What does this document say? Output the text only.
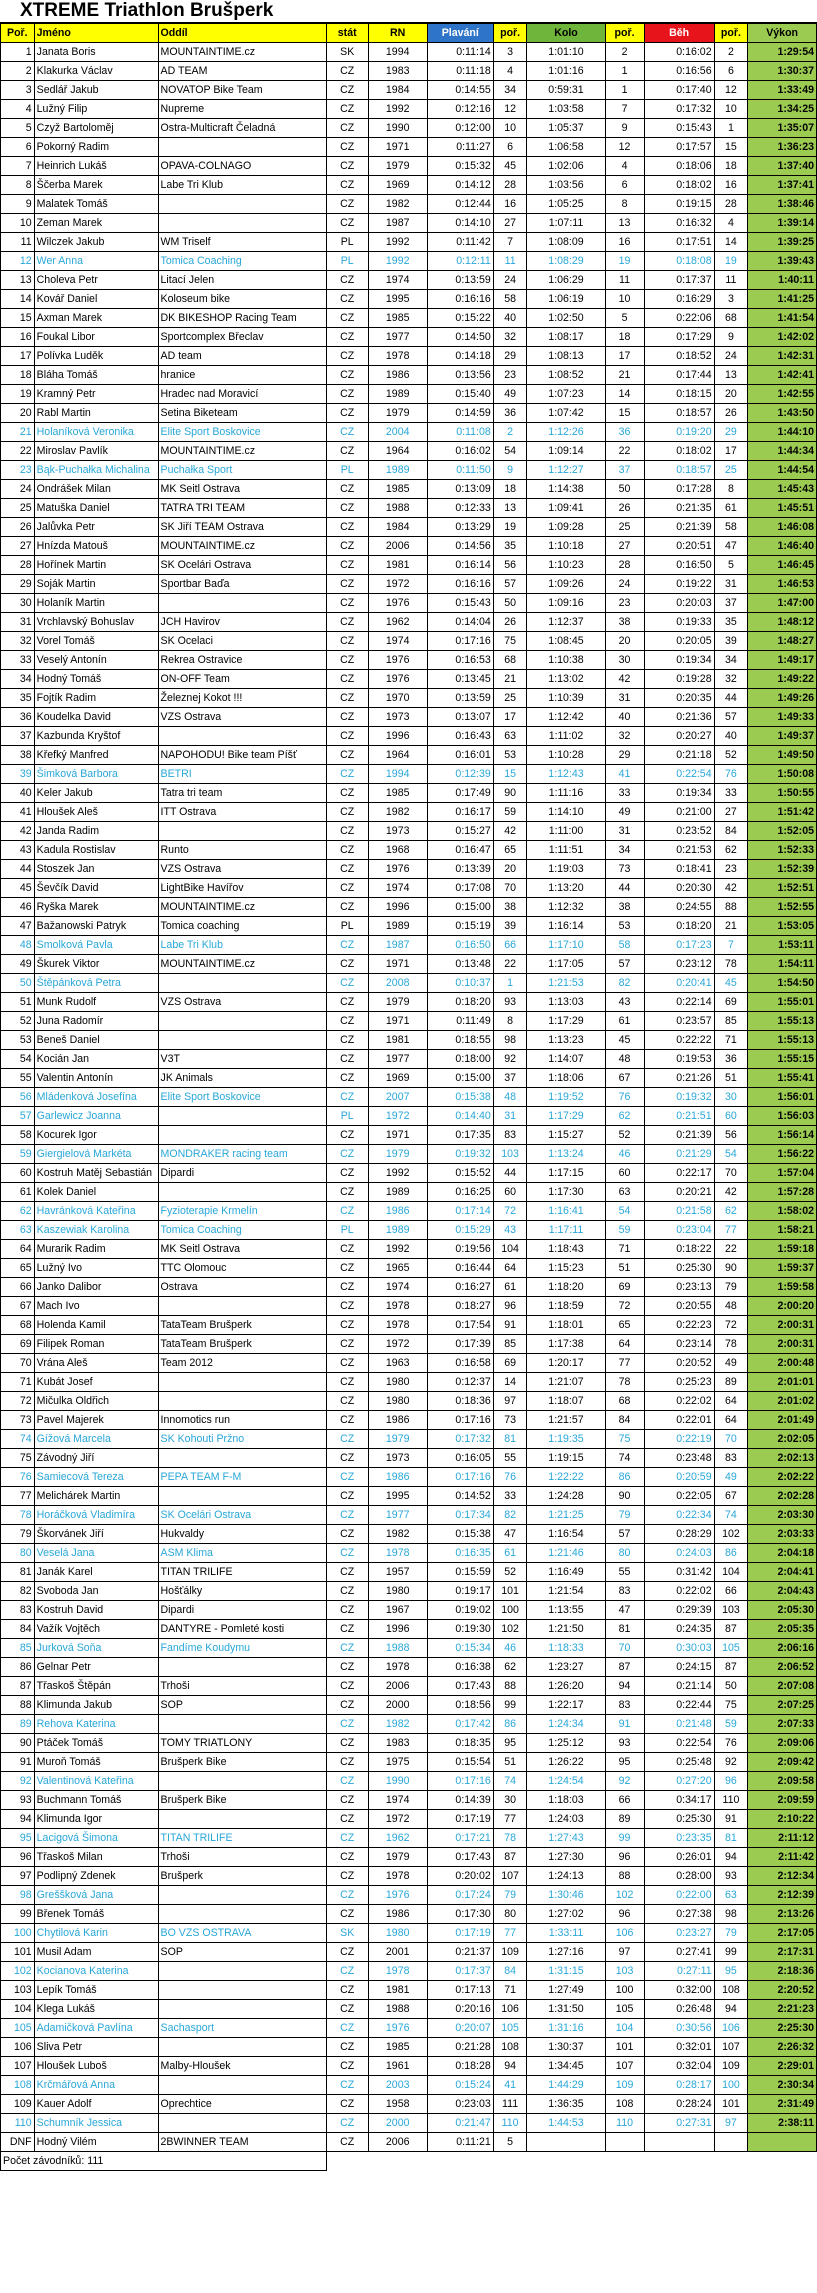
XTREME Triathlon Brušperk
Poř.	Jméno	Oddíl	stát	RN	Plavání	poř.	Kolo	poř.	Běh	poř.	Výkon
1	Janata Boris	MOUNTAINTIME.cz	SK	1994	0:11:14	3	1:01:10	2	0:16:02	2	1:29:54
2	Klakurka Václav	AD TEAM	CZ	1983	0:11:18	4	1:01:16	1	0:16:56	6	1:30:37
3	Sedlář Jakub	NOVATOP Bike Team	CZ	1984	0:14:55	34	0:59:31	1	0:17:40	12	1:33:49
4	Lužný Filip	Nupreme	CZ	1992	0:12:16	12	1:03:58	7	0:17:32	10	1:34:25
5	Czyž Bartoloměj	Ostra-Multicraft Čeladná	CZ	1990	0:12:00	10	1:05:37	9	0:15:43	1	1:35:07
6	Pokorný Radim		CZ	1971	0:11:27	6	1:06:58	12	0:17:57	15	1:36:23
7	Heinrich Lukáš	OPAVA-COLNAGO	CZ	1979	0:15:32	45	1:02:06	4	0:18:06	18	1:37:40
8	Ščerba Marek	Labe Tri Klub	CZ	1969	0:14:12	28	1:03:56	6	0:18:02	16	1:37:41
9	Malatek Tomáš		CZ	1982	0:12:44	16	1:05:25	8	0:19:15	28	1:38:46
10	Zeman Marek		CZ	1987	0:14:10	27	1:07:11	13	0:16:32	4	1:39:14
11	Wilczek Jakub	WM Triself	PL	1992	0:11:42	7	1:08:09	16	0:17:51	14	1:39:25
12	Wer Anna	Tomica Coaching	PL	1992	0:12:11	11	1:08:29	19	0:18:08	19	1:39:43
13	Choleva Petr	Litací Jelen	CZ	1974	0:13:59	24	1:06:29	11	0:17:37	11	1:40:11
14	Kovář Daniel	Koloseum bike	CZ	1995	0:16:16	58	1:06:19	10	0:16:29	3	1:41:25
15	Axman Marek	DK BIKESHOP Racing Team	CZ	1985	0:15:22	40	1:02:50	5	0:22:06	68	1:41:54
16	Foukal Libor	Sportcomplex Břeclav	CZ	1977	0:14:50	32	1:08:17	18	0:17:29	9	1:42:02
17	Polívka Luděk	AD team	CZ	1978	0:14:18	29	1:08:13	17	0:18:52	24	1:42:31
18	Bláha Tomáš	hranice	CZ	1986	0:13:56	23	1:08:52	21	0:17:44	13	1:42:41
19	Kramný Petr	Hradec nad Moravicí	CZ	1989	0:15:40	49	1:07:23	14	0:18:15	20	1:42:55
20	Rabl Martin	Setina Biketeam	CZ	1979	0:14:59	36	1:07:42	15	0:18:57	26	1:43:50
21	Holaníková Veronika	Elite Sport Boskovice	CZ	2004	0:11:08	2	1:12:26	36	0:19:20	29	1:44:10
22	Miroslav Pavlík	MOUNTAINTIME.cz	CZ	1964	0:16:02	54	1:09:14	22	0:18:02	17	1:44:34
23	Bąk-Puchałka Michalina	Puchałka Sport	PL	1989	0:11:50	9	1:12:27	37	0:18:57	25	1:44:54
24	Ondrášek Milan	MK Seitl Ostrava	CZ	1985	0:13:09	18	1:14:38	50	0:17:28	8	1:45:43
25	Matuška Daniel	TATRA TRI TEAM	CZ	1988	0:12:33	13	1:09:41	26	0:21:35	61	1:45:51
26	Jalůvka Petr	SK Jiří TEAM Ostrava	CZ	1984	0:13:29	19	1:09:28	25	0:21:39	58	1:46:08
27	Hnízda Matouš	MOUNTAINTIME.cz	CZ	2006	0:14:56	35	1:10:18	27	0:20:51	47	1:46:40
28	Hořínek Martin	SK Ocelári Ostrava	CZ	1981	0:16:14	56	1:10:23	28	0:16:50	5	1:46:45
29	Soják Martin	Sportbar Baďa	CZ	1972	0:16:16	57	1:09:26	24	0:19:22	31	1:46:53
30	Holaník Martin		CZ	1976	0:15:43	50	1:09:16	23	0:20:03	37	1:47:00
31	Vrchlavský Bohuslav	JCH Havirov	CZ	1962	0:14:04	26	1:12:37	38	0:19:33	35	1:48:12
32	Vorel Tomáš	SK Ocelaci	CZ	1974	0:17:16	75	1:08:45	20	0:20:05	39	1:48:27
33	Veselý Antonín	Rekrea Ostravice	CZ	1976	0:16:53	68	1:10:38	30	0:19:34	34	1:49:17
34	Hodný Tomáš	ON-OFF Team	CZ	1976	0:13:45	21	1:13:02	42	0:19:28	32	1:49:22
35	Fojtík Radim	Železnej Kokot !!!	CZ	1970	0:13:59	25	1:10:39	31	0:20:35	44	1:49:26
36	Koudelka David	VZS Ostrava	CZ	1973	0:13:07	17	1:12:42	40	0:21:36	57	1:49:33
37	Kazbunda Kryštof		CZ	1996	0:16:43	63	1:11:02	32	0:20:27	40	1:49:37
38	Křefký Manfred	NAPOHODU! Bike team Píšť	CZ	1964	0:16:01	53	1:10:28	29	0:21:18	52	1:49:50
39	Šimková Barbora	BETRI	CZ	1994	0:12:39	15	1:12:43	41	0:22:54	76	1:50:08
40	Keler Jakub	Tatra tri team	CZ	1985	0:17:49	90	1:11:16	33	0:19:34	33	1:50:55
41	Hloušek Aleš	ITT Ostrava	CZ	1982	0:16:17	59	1:14:10	49	0:21:00	27	1:51:42
42	Janda Radim		CZ	1973	0:15:27	42	1:11:00	31	0:23:52	84	1:52:05
43	Kadula Rostislav	Runto	CZ	1968	0:16:47	65	1:11:51	34	0:21:53	62	1:52:33
44	Stoszek Jan	VZS Ostrava	CZ	1976	0:13:39	20	1:19:03	73	0:18:41	23	1:52:39
45	Ševčík David	LightBike Havířov	CZ	1974	0:17:08	70	1:13:20	44	0:20:30	42	1:52:51
46	Ryška Marek	MOUNTAINTIME.cz	CZ	1996	0:15:00	38	1:12:32	38	0:24:55	88	1:52:55
47	Bažanowski Patryk	Tomica coaching	PL	1989	0:15:19	39	1:16:14	53	0:18:20	21	1:53:05
48	Smolková Pavla	Labe Tri Klub	CZ	1987	0:16:50	66	1:17:10	58	0:17:23	7	1:53:11
49	Škurek Viktor	MOUNTAINTIME.cz	CZ	1971	0:13:48	22	1:17:05	57	0:23:12	78	1:54:11
50	Štěpánková Petra		CZ	2008	0:10:37	1	1:21:53	82	0:20:41	45	1:54:50
51	Munk Rudolf	VZS Ostrava	CZ	1979	0:18:20	93	1:13:03	43	0:22:14	69	1:55:01
52	Juna Radomír		CZ	1971	0:11:49	8	1:17:29	61	0:23:57	85	1:55:13
53	Beneš Daniel		CZ	1981	0:18:55	98	1:13:23	45	0:22:22	71	1:55:13
54	Kocián Jan	V3T	CZ	1977	0:18:00	92	1:14:07	48	0:19:53	36	1:55:15
55	Valentin Antonín	JK Animals	CZ	1969	0:15:00	37	1:18:06	67	0:21:26	51	1:55:41
56	Mládenková Josefína	Elite Sport Boskovice	CZ	2007	0:15:38	48	1:19:52	76	0:19:32	30	1:56:01
57	Garlewicz Joanna		PL	1972	0:14:40	31	1:17:29	62	0:21:51	60	1:56:03
58	Kocurek Igor		CZ	1971	0:17:35	83	1:15:27	52	0:21:39	56	1:56:14
59	Giergielová Markéta	MONDRAKER racing team	CZ	1979	0:19:32	103	1:13:24	46	0:21:29	54	1:56:22
60	Kostruh Matěj Sebastián	Dipardi	CZ	1992	0:15:52	44	1:17:15	60	0:22:17	70	1:57:04
61	Kolek Daniel		CZ	1989	0:16:25	60	1:17:30	63	0:20:21	42	1:57:28
62	Havránková Kateřina	Fyzioterapie Krmelín	CZ	1986	0:17:14	72	1:16:41	54	0:21:58	62	1:58:02
63	Kaszewiak Karolina	Tomica Coaching	PL	1989	0:15:29	43	1:17:11	59	0:23:04	77	1:58:21
64	Murarik Radim	MK Seitl Ostrava	CZ	1992	0:19:56	104	1:18:43	71	0:18:22	22	1:59:18
65	Lužný Ivo	TTC Olomouc	CZ	1965	0:16:44	64	1:15:23	51	0:25:30	90	1:59:37
66	Janko Dalibor	Ostrava	CZ	1974	0:16:27	61	1:18:20	69	0:23:13	79	1:59:58
67	Mach Ivo		CZ	1978	0:18:27	96	1:18:59	72	0:20:55	48	2:00:20
68	Holenda Kamil	TataTeam Brušperk	CZ	1978	0:17:54	91	1:18:01	65	0:22:23	72	2:00:31
69	Filipek Roman	TataTeam Brušperk	CZ	1972	0:17:39	85	1:17:38	64	0:23:14	78	2:00:31
70	Vrána Aleš	Team 2012	CZ	1963	0:16:58	69	1:20:17	77	0:20:52	49	2:00:48
71	Kubát Josef		CZ	1980	0:12:37	14	1:21:07	78	0:25:23	89	2:01:01
72	Mičulka Oldřich		CZ	1980	0:18:36	97	1:18:07	68	0:22:02	64	2:01:02
73	Pavel Majerek	Innomotics run	CZ	1986	0:17:16	73	1:21:57	84	0:22:01	64	2:01:49
74	Gížová Marcela	SK Kohouti Pržno	CZ	1979	0:17:32	81	1:19:35	75	0:22:19	70	2:02:05
75	Závodný Jiří		CZ	1973	0:16:05	55	1:19:15	74	0:23:48	83	2:02:13
76	Samiecová Tereza	PEPA TEAM F-M	CZ	1986	0:17:16	76	1:22:22	86	0:20:59	49	2:02:22
77	Melichárek Martin		CZ	1995	0:14:52	33	1:24:28	90	0:22:05	67	2:02:28
78	Horáčková Vladimíra	SK Ocelári Ostrava	CZ	1977	0:17:34	82	1:21:25	79	0:22:34	74	2:03:30
79	Škorvánek Jiří	Hukvaldy	CZ	1982	0:15:38	47	1:16:54	57	0:28:29	102	2:03:33
80	Veselá Jana	ASM Klima	CZ	1978	0:16:35	61	1:21:46	80	0:24:03	86	2:04:18
81	Janák Karel	TITAN TRILIFE	CZ	1957	0:15:59	52	1:16:49	55	0:31:42	104	2:04:41
82	Svoboda Jan	Hošťálky	CZ	1980	0:19:17	101	1:21:54	83	0:22:02	66	2:04:43
83	Kostruh David	Dipardi	CZ	1967	0:19:02	100	1:13:55	47	0:29:39	103	2:05:30
84	Važík Vojtěch	DANTYRE - Pomleté kosti	CZ	1996	0:19:30	102	1:21:50	81	0:24:35	87	2:05:35
85	Jurková Soňa	Fandíme Koudymu	CZ	1988	0:15:34	46	1:18:33	70	0:30:03	105	2:06:16
86	Gelnar Petr		CZ	1978	0:16:38	62	1:23:27	87	0:24:15	87	2:06:52
87	Třaskoš Štěpán	Trhoši	CZ	2006	0:17:43	88	1:26:20	94	0:21:14	50	2:07:08
88	Klimunda Jakub	SOP	CZ	2000	0:18:56	99	1:22:17	83	0:22:44	75	2:07:25
89	Rehova Katerina		CZ	1982	0:17:42	86	1:24:34	91	0:21:48	59	2:07:33
90	Ptáček Tomáš	TOMY TRIATLONY	CZ	1983	0:18:35	95	1:25:12	93	0:22:54	76	2:09:06
91	Muroň Tomáš	Brušperk Bike	CZ	1975	0:15:54	51	1:26:22	95	0:25:48	92	2:09:42
92	Valentinová Kateřina		CZ	1990	0:17:16	74	1:24:54	92	0:27:20	96	2:09:58
93	Buchmann Tomáš	Brušperk Bike	CZ	1974	0:14:39	30	1:18:03	66	0:34:17	110	2:09:59
94	Klimunda Igor		CZ	1972	0:17:19	77	1:24:03	89	0:25:30	91	2:10:22
95	Lacigová Šimona	TITAN TRILIFE	CZ	1962	0:17:21	78	1:27:43	99	0:23:35	81	2:11:12
96	Třaskoš Milan	Trhoši	CZ	1979	0:17:43	87	1:27:30	96	0:26:01	94	2:11:42
97	Podlipný Zdenek	Brušperk	CZ	1978	0:20:02	107	1:24:13	88	0:28:00	93	2:12:34
98	Greššková Jana		CZ	1976	0:17:24	79	1:30:46	102	0:22:00	63	2:12:39
99	Břenek Tomáš		CZ	1986	0:17:30	80	1:27:02	96	0:27:38	98	2:13:26
100	Chytilová Karin	BO VZS OSTRAVA	SK	1980	0:17:19	77	1:33:11	106	0:23:27	79	2:17:05
101	Musil Adam	SOP	CZ	2001	0:21:37	109	1:27:16	97	0:27:41	99	2:17:31
102	Kocianova Katerina		CZ	1978	0:17:37	84	1:31:15	103	0:27:11	95	2:18:36
103	Lepík Tomáš		CZ	1981	0:17:13	71	1:27:49	100	0:32:00	108	2:20:52
104	Klega Lukáš		CZ	1988	0:20:16	106	1:31:50	105	0:26:48	94	2:21:23
105	Adamičková Pavlína	Sachasport	CZ	1976	0:20:07	105	1:31:16	104	0:30:56	106	2:25:30
106	Sliva Petr		CZ	1985	0:21:28	108	1:30:37	101	0:32:01	107	2:26:32
107	Hloušek Luboš	Malby-Hloušek	CZ	1961	0:18:28	94	1:34:45	107	0:32:04	109	2:29:01
108	Krčmářová Anna		CZ	2003	0:15:24	41	1:44:29	109	0:28:17	100	2:30:34
109	Kauer Adolf	Oprechtice	CZ	1958	0:23:03	111	1:36:35	108	0:28:24	101	2:31:49
110	Schumník Jessica		CZ	2000	0:21:47	110	1:44:53	110	0:27:31	97	2:38:11
DNF	Hodný Vilém	2BWINNER TEAM	CZ	2006	0:11:21	5					
Počet závodníků: 111											
